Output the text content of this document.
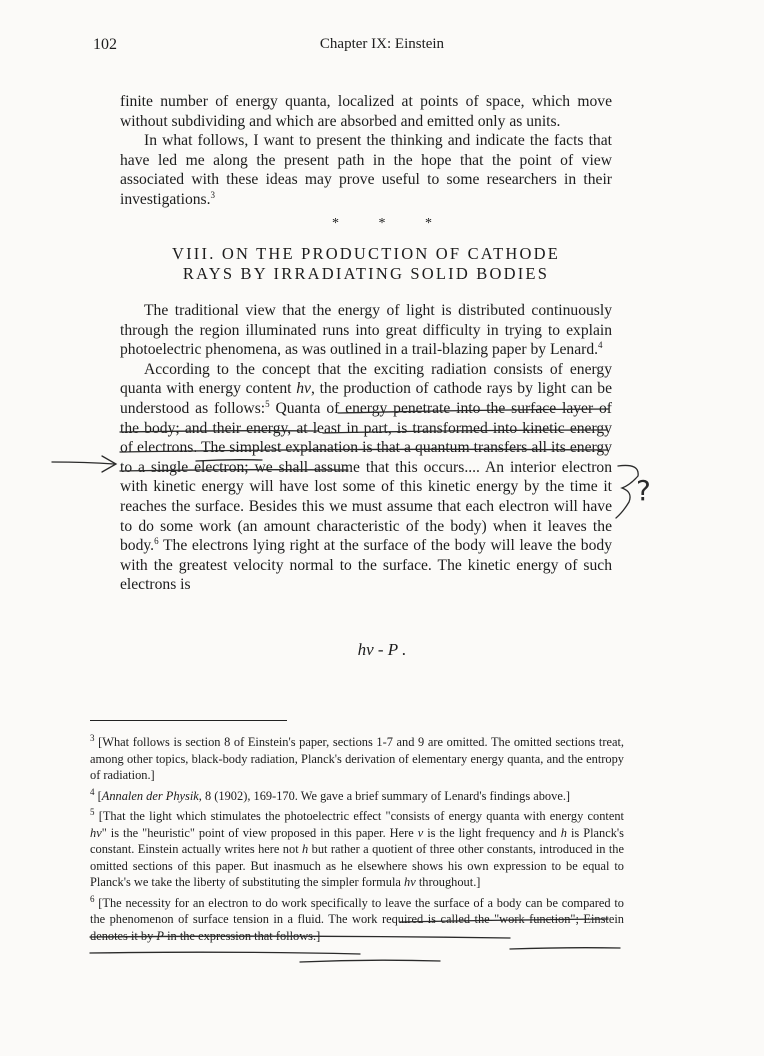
102	Chapter IX: Einstein

finite number of energy quanta, localized at points of space, which move without subdividing and which are absorbed and emitted only as units.

In what follows, I want to present the thinking and indicate the facts that have led me along the present path in the hope that the point of view associated with these ideas may prove useful to some researchers in their investigations.$^3$

* * *
VIII. ON THE PRODUCTION OF CATHODE
RAYS BY IRRADIATING SOLID BODIES

The traditional view that the energy of light is distributed continuously through the region illuminated runs into great difficulty in trying to explain photoelectric phenomena, as was outlined in a trail-blazing paper by Lenard.$^4$

According to the concept that the exciting radiation consists of energy quanta with energy content hν, the production of cathode rays by light can be understood as follows:$^5$ Quanta of energy penetrate into the surface layer of the body; and their energy, at least in part, is transformed into kinetic energy of electrons. The simplest explanation is that a quantum transfers all its energy to a single electron; we shall assume that this occurs.... An interior electron with kinetic energy will have lost some of this kinetic energy by the time it reaches the surface. Besides this we must assume that each electron will have to do some work (an amount characteristic of the body) when it leaves the body.$^6$ The electrons lying right at the surface of the body will leave the body with the greatest velocity normal to the surface. The kinetic energy of such electrons is

hν - P .

$^3$ [What follows is section 8 of Einstein's paper, sections 1-7 and 9 are omitted. The omitted sections treat, among other topics, black-body radiation, Planck's derivation of elementary energy quanta, and the entropy of radiation.]

$^4$ [Annalen der Physik, 8 (1902), 169-170. We gave a brief summary of Lenard's findings above.]

$^5$ [That the light which stimulates the photoelectric effect "consists of energy quanta with energy content hν" is the "heuristic" point of view proposed in this paper. Here ν is the light frequency and h is Planck's constant. Einstein actually writes here not h but rather a quotient of three other constants, introduced in the omitted sections of this paper. But inasmuch as he elsewhere shows his own expression to be equal to Planck's we take the liberty of substituting the simpler formula hν throughout.]

$^6$ [The necessity for an electron to do work specifically to leave the surface of a body can be compared to the phenomenon of surface tension in a fluid. The work required is called the "work function"; Einstein denotes it by P in the expression that follows.]

?
